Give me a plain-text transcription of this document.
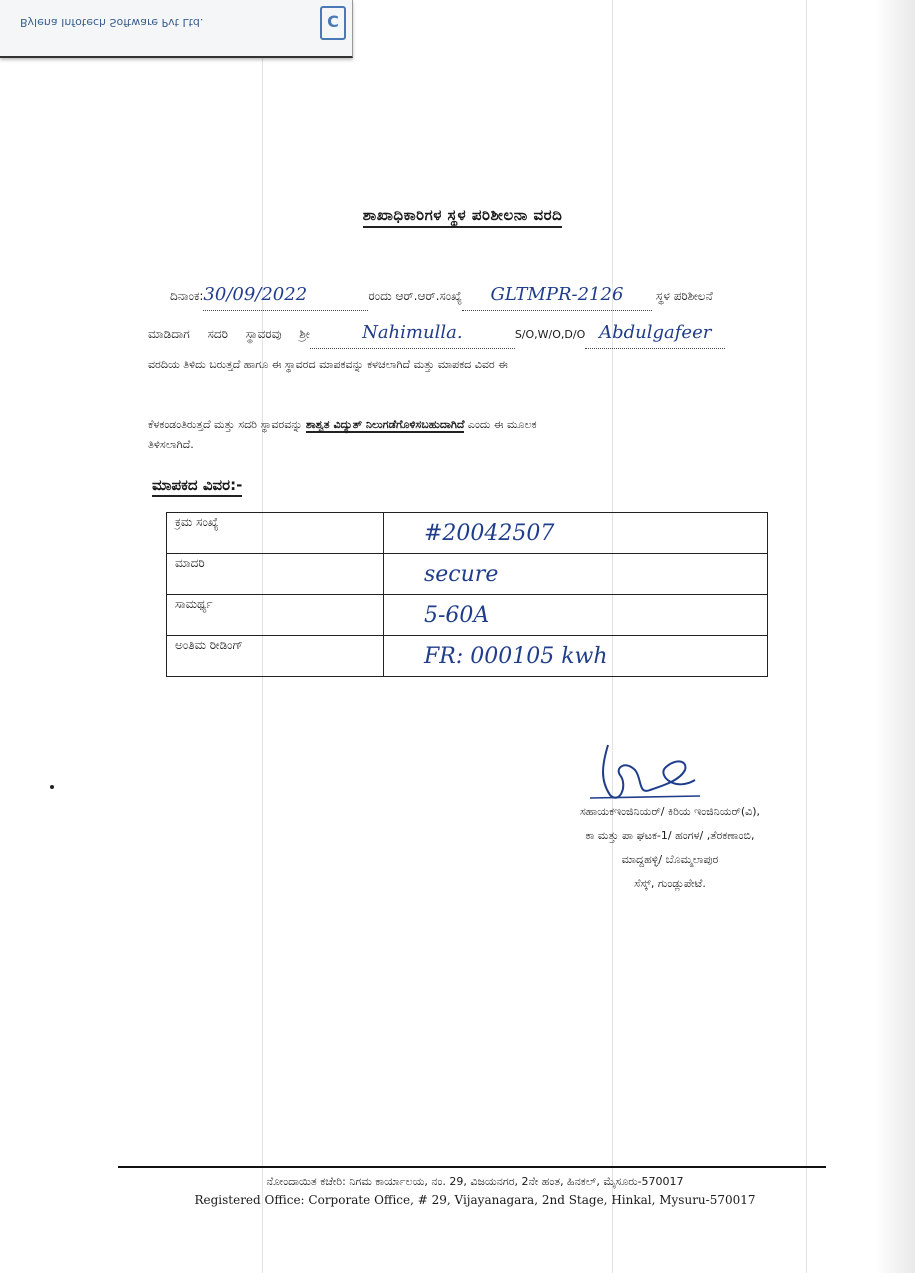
Bylena Infotech Software Pvt Ltd.	C
ಶಾಖಾಧಿಕಾರಿಗಳ ಸ್ಥಳ ಪರಿಶೀಲನಾ ವರದಿ
ದಿನಾಂಕ:30/09/2022	ರಂದು ಆರ್.ಆರ್.ಸಂಖ್ಯೆ GLTMPR-2126	ಸ್ಥಳ ಪರಿಶೀಲನೆ
ಮಾಡಿದಾಗ ಸದರಿ ಸ್ಥಾವರವು ಶ್ರೀ	Nahimulla.	S/O,W/O,D/O Abdulgafeer
ವರದಿಯ ತಿಳಿದು ಬರುತ್ತದೆ ಹಾಗೂ ಈ ಸ್ಥಾವರದ ಮಾಪಕವನ್ನು ಕಳಚಲಾಗಿದೆ ಮತ್ತು ಮಾಪಕದ ವಿವರ ಈ
ಕೆಳಕಂಡಂತಿರುತ್ತದೆ ಮತ್ತು ಸದರಿ ಸ್ಥಾವರವನ್ನು ಶಾಶ್ವತ ವಿದ್ಯುತ್ ನಿಲುಗಡೆಗೊಳಿಸಬಹುದಾಗಿದೆ ಎಂದು ಈ ಮೂಲಕ
ತಿಳಿಸಲಾಗಿದೆ.
ಮಾಪಕದ ವಿವರ:-
ಕ್ರಮ ಸಂಖ್ಯೆ	#20042507
ಮಾದರಿ	secure
ಸಾಮರ್ಥ್ಯ	5-60A
ಅಂತಿಮ ರೀಡಿಂಗ್	FR: 000105 kwh
ಸಹಾಯಕಇಂಜಿನಿಯರ್/ ಕಿರಿಯ ಇಂಜಿನಿಯರ್(ವಿ),
ಕಾ ಮತ್ತು ಪಾ ಘಟಕ-1/ ಹಂಗಳ/ ,ತೆರಕಣಾಂಬಿ,
ಮಾದ್ದಹಳ್ಳಿ/ ಬೊಮ್ಮಲಾಪುರ
ಸೆಸ್ಕ್, ಗುಂಡ್ಲುಪೇಟೆ.
ನೋಂದಾಯಿತ ಕಚೇರಿ: ನಿಗಮ ಕಾರ್ಯಾಲಯ, ನಂ. 29, ವಿಜಯನಗರ, 2ನೇ ಹಂತ, ಹಿನಕಲ್, ಮೈಸೂರು-570017
Registered Office: Corporate Office, # 29, Vijayanagara, 2nd Stage, Hinkal, Mysuru-570017
